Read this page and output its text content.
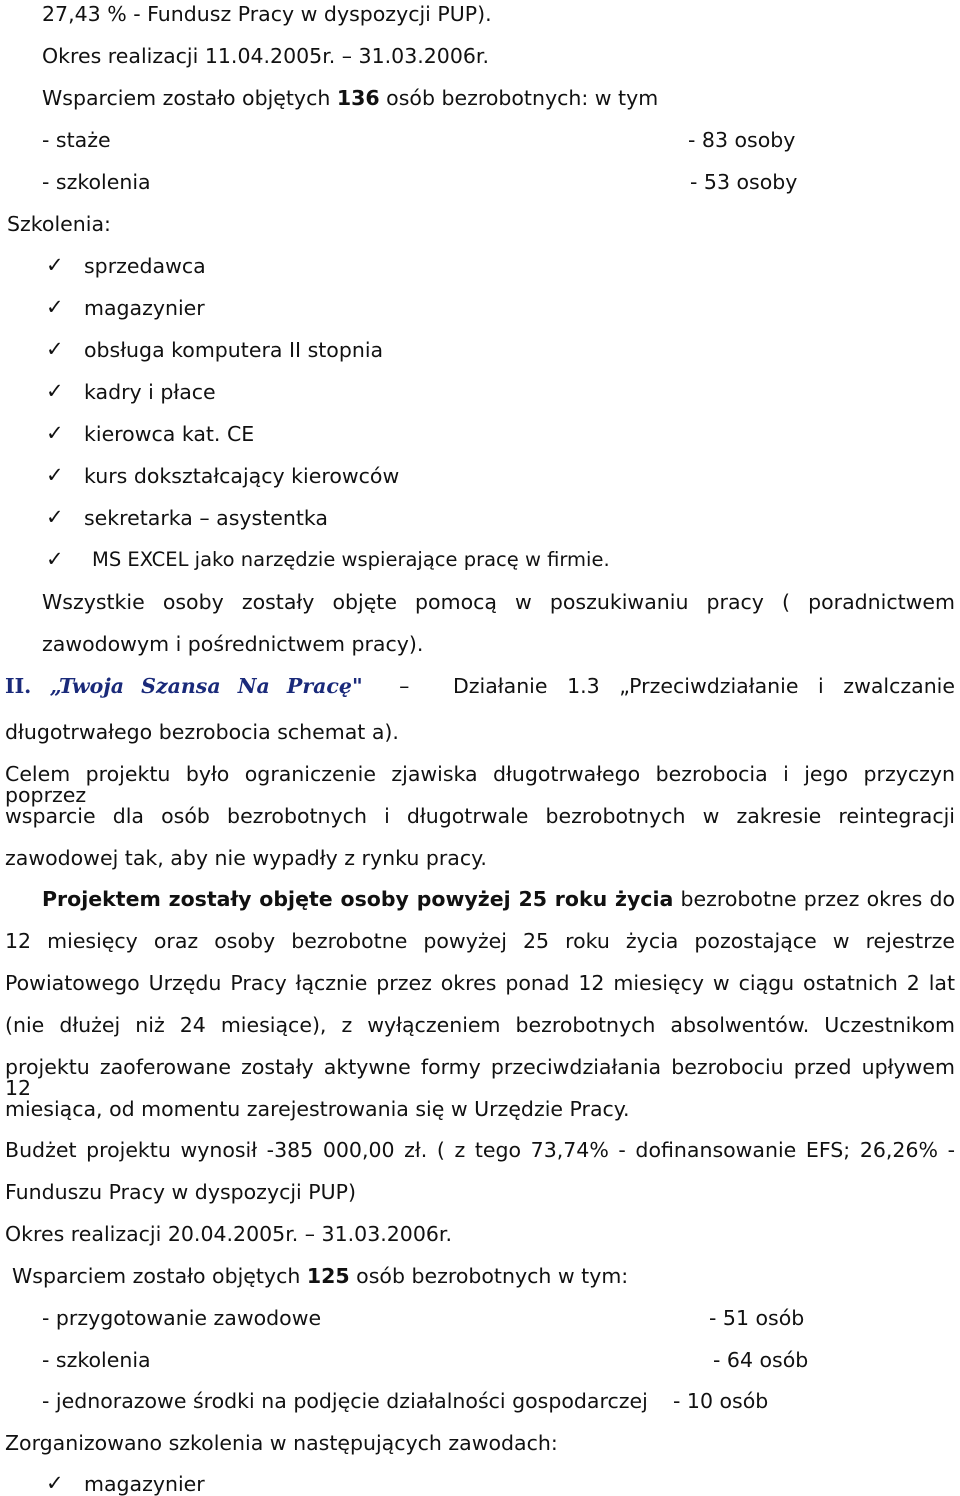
27,43 % - Fundusz Pracy w dyspozycji PUP).
Okres realizacji 11.04.2005r. – 31.03.2006r.
Wsparciem zostało objętych 136 osób bezrobotnych: w tym
- staże	- 83 osoby
- szkolenia	- 53 osoby
Szkolenia:
✓ sprzedawca
✓ magazynier
✓ obsługa komputera II stopnia
✓ kadry i płace
✓ kierowca kat. CE
✓ kurs dokształcający kierowców
✓ sekretarka – asystentka
✓ MS EXCEL jako narzędzie wspierające pracę w firmie.
Wszystkie osoby zostały objęte pomocą w poszukiwaniu pracy ( poradnictwem
zawodowym i pośrednictwem pracy).
II. „Twoja Szansa Na Pracę" – Działanie 1.3 „Przeciwdziałanie i zwalczanie
długotrwałego bezrobocia schemat a).
Celem projektu było ograniczenie zjawiska długotrwałego bezrobocia i jego przyczyn poprzez
wsparcie dla osób bezrobotnych i długotrwale bezrobotnych w zakresie reintegracji
zawodowej tak, aby nie wypadły z rynku pracy.
Projektem zostały objęte osoby powyżej 25 roku życia bezrobotne przez okres do
12 miesięcy oraz osoby bezrobotne powyżej 25 roku życia pozostające w rejestrze
Powiatowego Urzędu Pracy łącznie przez okres ponad 12 miesięcy w ciągu ostatnich 2 lat
(nie dłużej niż 24 miesiące), z wyłączeniem bezrobotnych absolwentów. Uczestnikom
projektu zaoferowane zostały aktywne formy przeciwdziałania bezrobociu przed upływem 12
miesiąca, od momentu zarejestrowania się w Urzędzie Pracy.
Budżet projektu wynosił -385 000,00 zł. ( z tego 73,74% - dofinansowanie EFS; 26,26% -
Funduszu Pracy w dyspozycji PUP)
Okres realizacji 20.04.2005r. – 31.03.2006r.
Wsparciem zostało objętych 125 osób bezrobotnych w tym:
- przygotowanie zawodowe	- 51 osób
- szkolenia	- 64 osób
- jednorazowe środki na podjęcie działalności gospodarczej - 10 osób
Zorganizowano szkolenia w następujących zawodach:
✓ magazynier
